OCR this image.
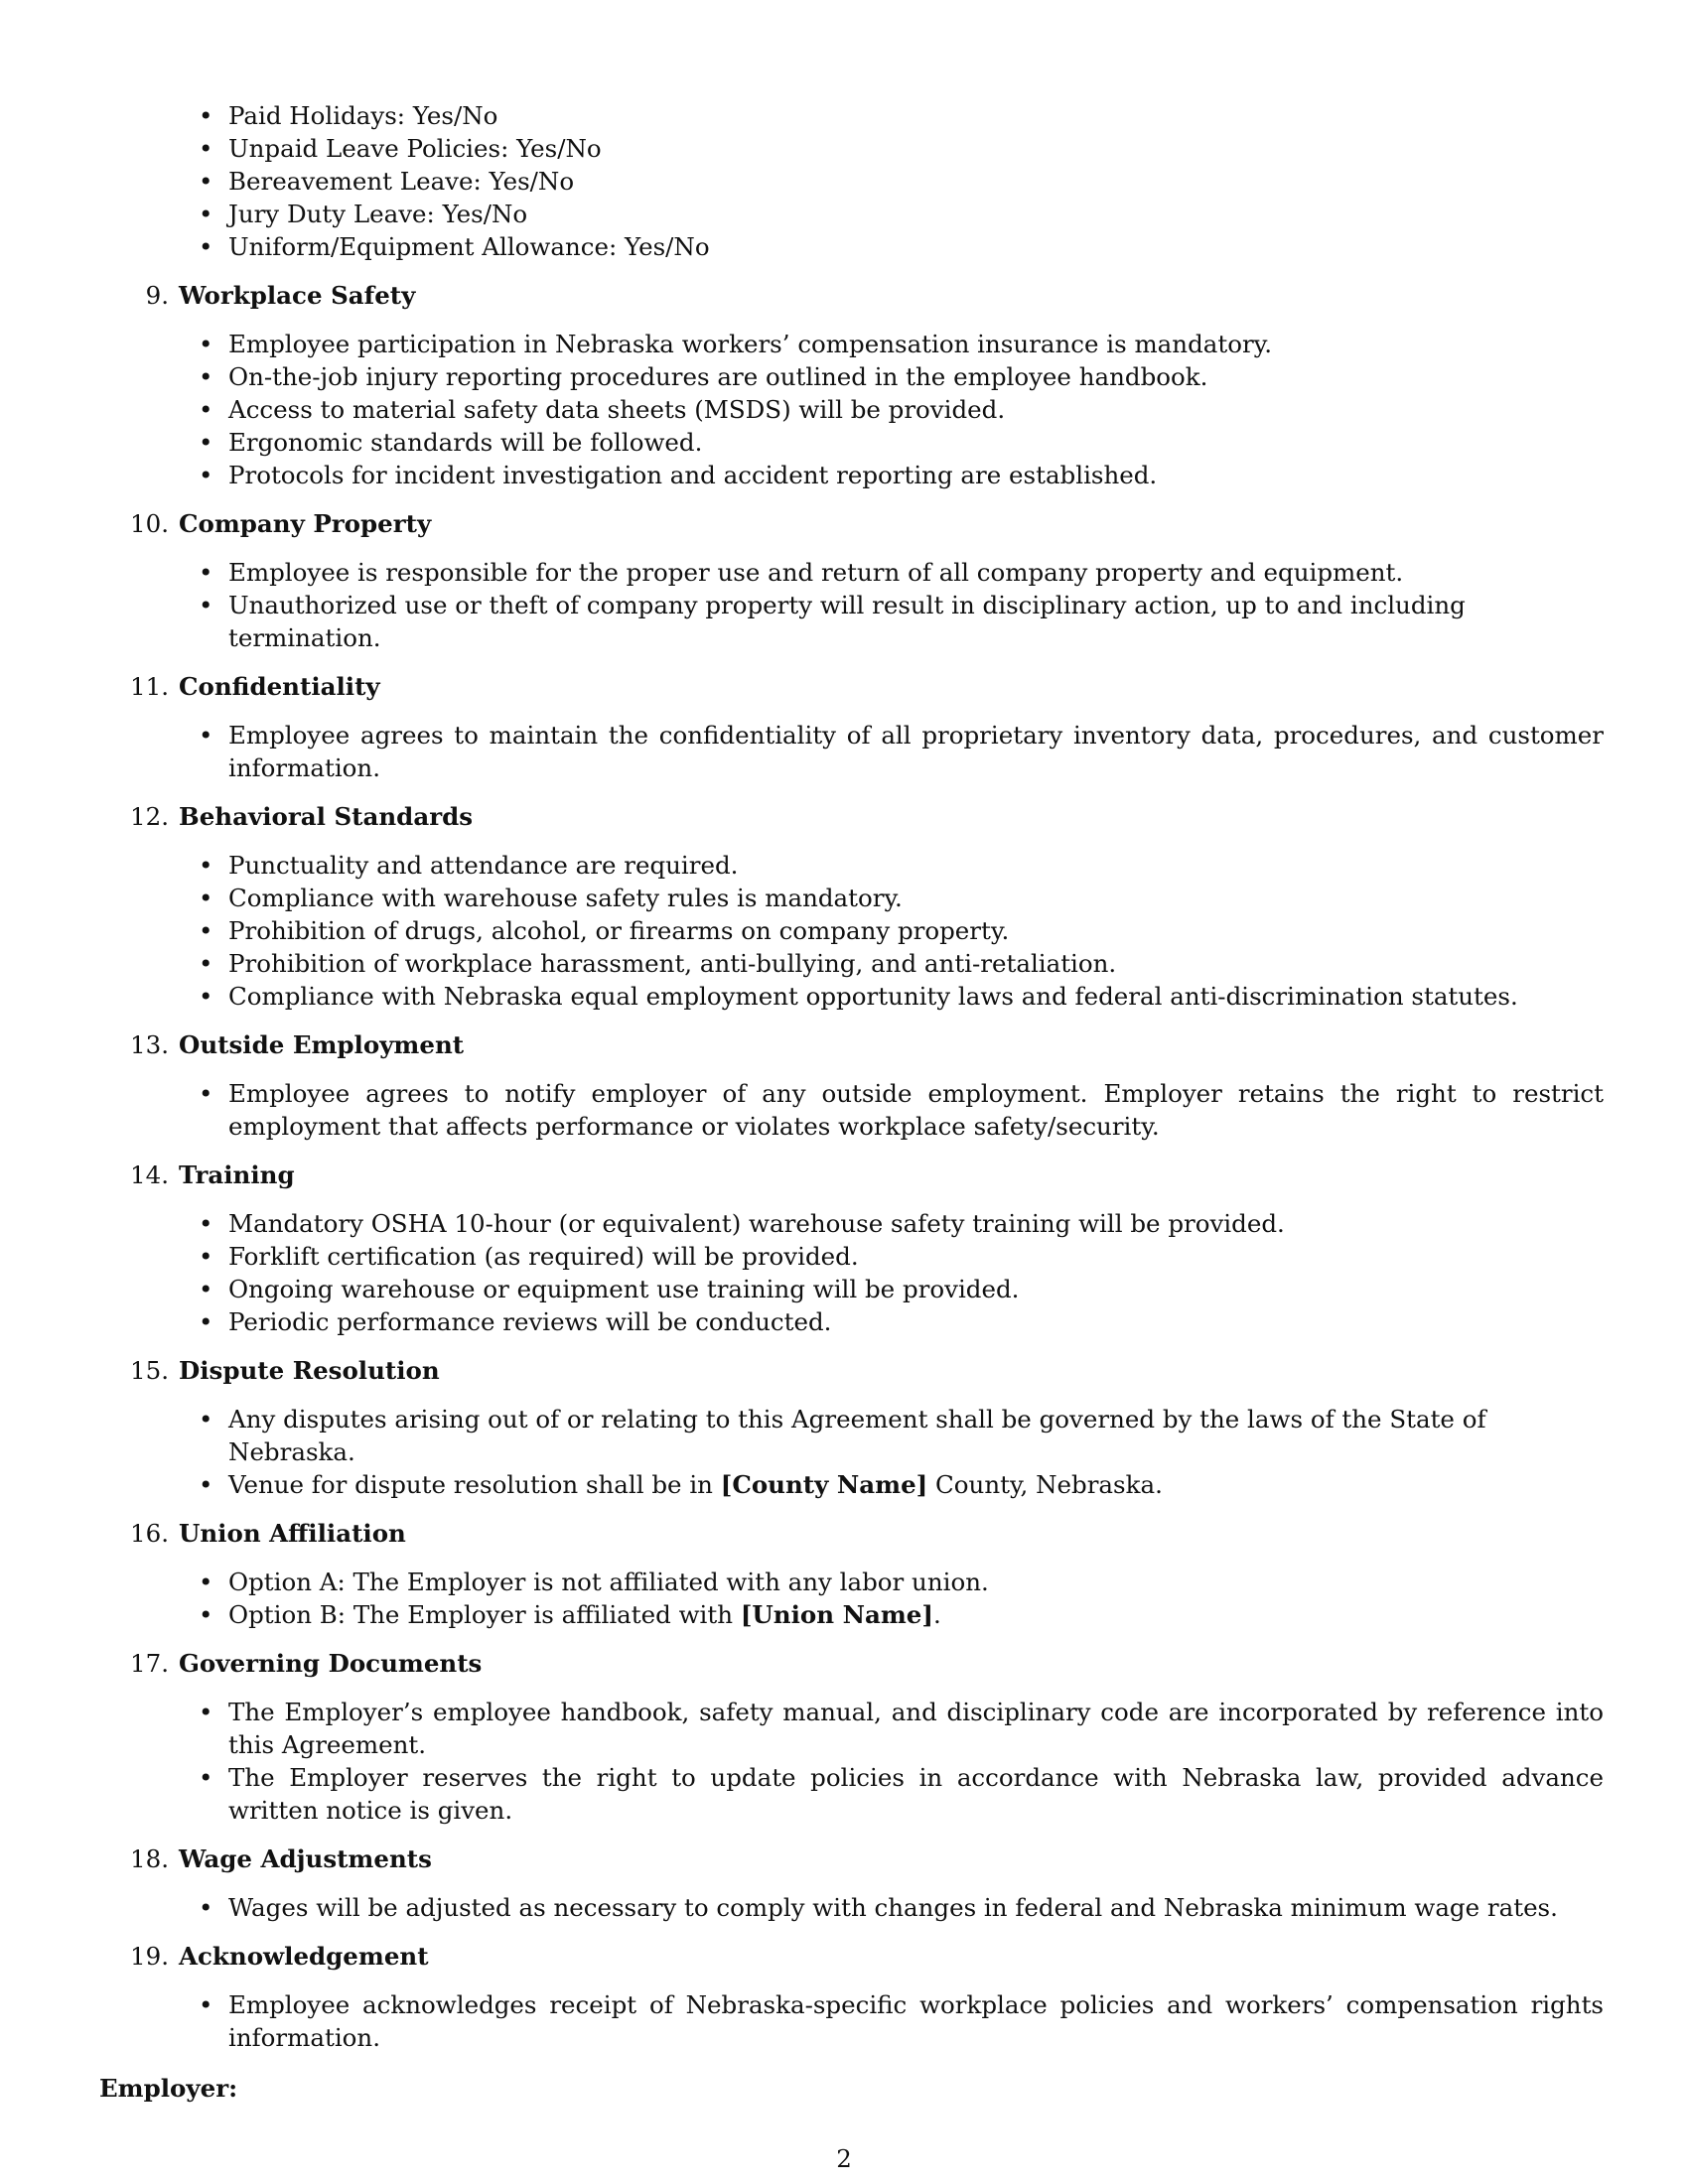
• Paid Holidays: Yes/No
• Unpaid Leave Policies: Yes/No
• Bereavement Leave: Yes/No
• Jury Duty Leave: Yes/No
• Uniform/Equipment Allowance: Yes/No
9. Workplace Safety
• Employee participation in Nebraska workers’ compensation insurance is mandatory.
• On-the-job injury reporting procedures are outlined in the employee handbook.
• Access to material safety data sheets (MSDS) will be provided.
• Ergonomic standards will be followed.
• Protocols for incident investigation and accident reporting are established.
10. Company Property
• Employee is responsible for the proper use and return of all company property and equipment.
• Unauthorized use or theft of company property will result in disciplinary action, up to and including termination.
11. Confidentiality
• Employee agrees to maintain the confidentiality of all proprietary inventory data, procedures, and customer information.
12. Behavioral Standards
• Punctuality and attendance are required.
• Compliance with warehouse safety rules is mandatory.
• Prohibition of drugs, alcohol, or firearms on company property.
• Prohibition of workplace harassment, anti-bullying, and anti-retaliation.
• Compliance with Nebraska equal employment opportunity laws and federal anti-discrimination statutes.
13. Outside Employment
• Employee agrees to notify employer of any outside employment. Employer retains the right to restrict employment that affects performance or violates workplace safety/security.
14. Training
• Mandatory OSHA 10-hour (or equivalent) warehouse safety training will be provided.
• Forklift certification (as required) will be provided.
• Ongoing warehouse or equipment use training will be provided.
• Periodic performance reviews will be conducted.
15. Dispute Resolution
• Any disputes arising out of or relating to this Agreement shall be governed by the laws of the State of Nebraska.
• Venue for dispute resolution shall be in [County Name] County, Nebraska.
16. Union Affiliation
• Option A: The Employer is not affiliated with any labor union.
• Option B: The Employer is affiliated with [Union Name].
17. Governing Documents
• The Employer’s employee handbook, safety manual, and disciplinary code are incorporated by reference into this Agreement.
• The Employer reserves the right to update policies in accordance with Nebraska law, provided advance written notice is given.
18. Wage Adjustments
• Wages will be adjusted as necessary to comply with changes in federal and Nebraska minimum wage rates.
19. Acknowledgement
• Employee acknowledges receipt of Nebraska-specific workplace policies and workers’ compensation rights information.
Employer:
2
